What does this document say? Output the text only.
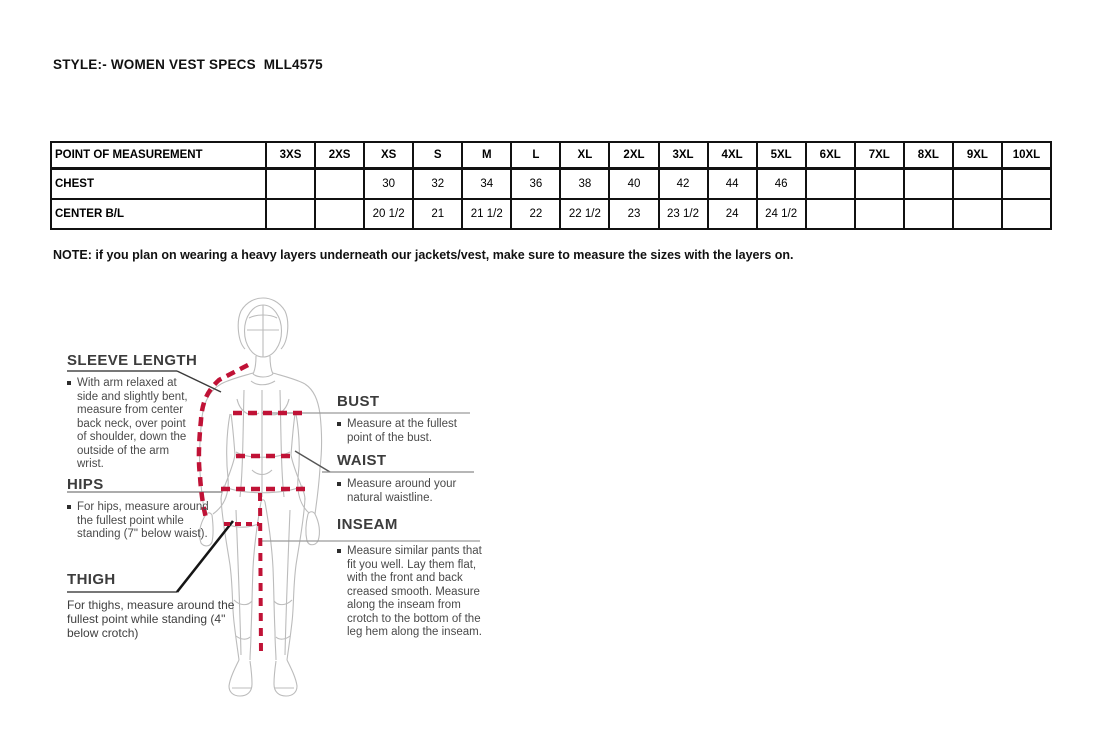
STYLE:- WOMEN VEST SPECS  MLL4575
POINT OF MEASUREMENT	3XS	2XS	XS	S	M	L	XL	2XL	3XL	4XL	5XL	6XL	7XL	8XL	9XL	10XL
CHEST			30	32	34	36	38	40	42	44	46					
CENTER B/L			20 1/2	21	21 1/2	22	22 1/2	23	23 1/2	24	24 1/2					
NOTE: if you plan on wearing a heavy layers underneath our jackets/vest, make sure to measure the sizes with the layers on.
SLEEVE LENGTH
With arm relaxed at side and slightly bent, measure from center back neck, over point of shoulder, down the outside of the arm wrist.
HIPS
For hips, measure around the fullest point while standing (7" below waist).
THIGH
For thighs, measure around the fullest point while standing (4" below crotch)
BUST
Measure at the fullest point of the bust.
WAIST
Measure around your natural waistline.
INSEAM
Measure similar pants that fit you well. Lay them flat, with the front and back creased smooth. Measure along the inseam from crotch to the bottom of the leg hem along the inseam.
